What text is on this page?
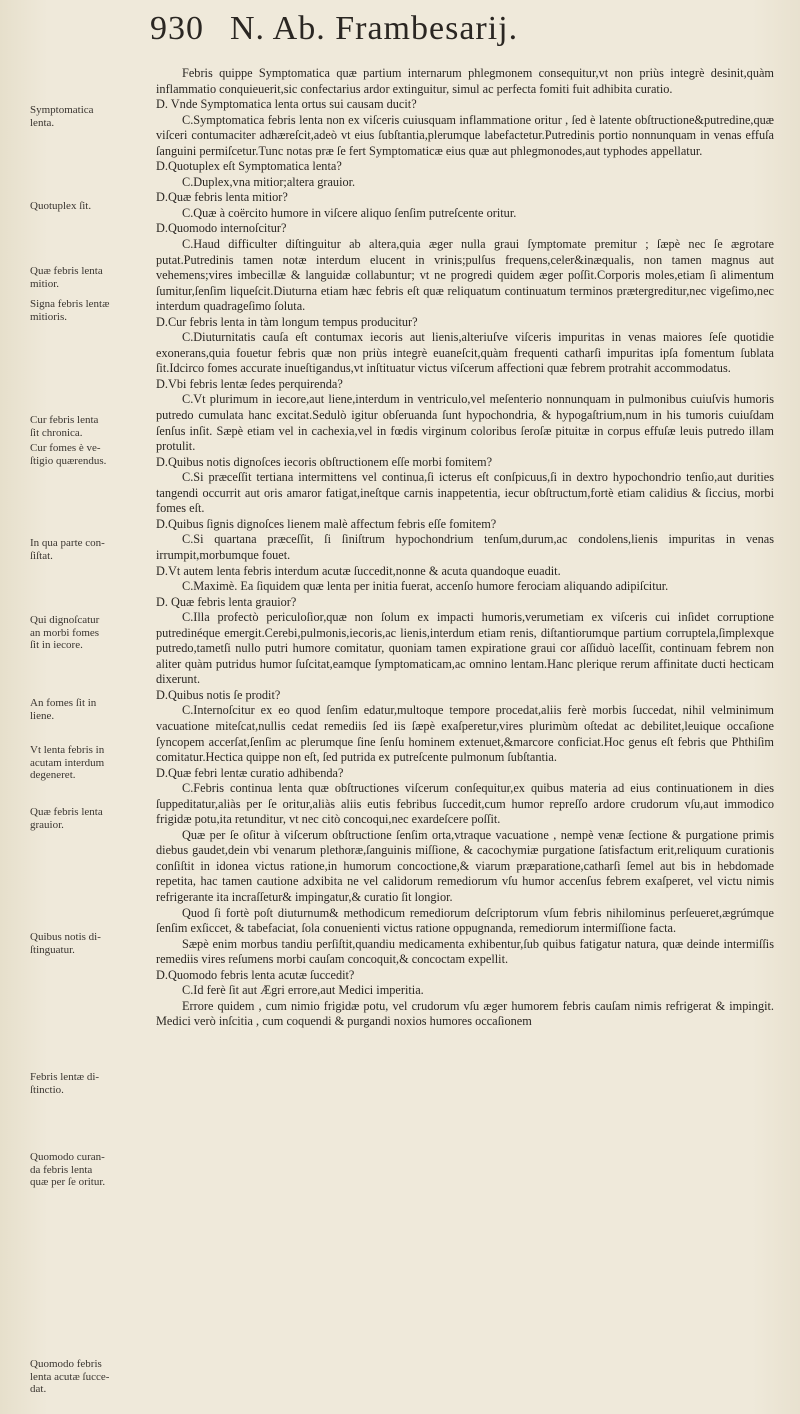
930 N. Ab. Frambesarij.
Symptomatica
lenta.
Quotuplex ſit.
Quæ febris lenta
mitior.
Signa febris lentæ
mitioris.
Cur febris lenta
ſit chronica.
Cur fomes è ve-
ſtigio quærendus.
In qua parte con-
ſiſtat.
Qui dignoſcatur
an morbi fomes
ſit in iecore.
An fomes ſit in
liene.
Vt lenta febris in
acutam interdum
degeneret.
Quæ febris lenta
grauior.
Quibus notis di-
ſtinguatur.
Febris lentæ di-
ſtinctio.
Quomodo curan-
da febris lenta
quæ per ſe oritur.
Quomodo febris
lenta acutæ ſucce-
dat.

Febris quippe Symptomatica quæ partium internarum phlegmonem consequitur,vt non priùs integrè desinit,quàm inflammatio conquieuerit,sic confectarius ardor extinguitur, simul ac perfecta fomiti fuit adhibita curatio.

D. Vnde Symptomatica lenta ortus sui causam ducit?

C.Symptomatica febris lenta non ex viſceris cuiusquam inflammatione oritur , ſed è latente obſtructione&putredine,quæ viſceri contumaciter adhæreſcit,adeò vt eius ſubſtantia,plerumque labefactetur.Putredinis portio nonnunquam in venas effuſa ſanguini permiſcetur.Tunc notas præ ſe fert Symptomaticæ eius quæ aut phlegmonodes,aut typhodes appellatur.

D.Quotuplex eſt Symptomatica lenta?

C.Duplex,vna mitior;altera grauior.

D.Quæ febris lenta mitior?

C.Quæ à coërcito humore in viſcere aliquo ſenſim putreſcente oritur.

D.Quomodo internoſcitur?

C.Haud difficulter diſtinguitur ab altera,quia æger nulla graui ſymptomate premitur ; ſæpè nec ſe ægrotare putat.Putredinis tamen notæ interdum elucent in vrinis;pulſus frequens,celer&inæqualis, non tamen magnus aut vehemens;vires imbecillæ & languidæ collabuntur; vt ne progredi quidem æger poſſit.Corporis moles,etiam ſi alimentum ſumitur,ſenſim liqueſcit.Diuturna etiam hæc febris eſt quæ reliquatum continuatum terminos prætergreditur,nec vigeſimo,nec interdum quadrageſimo ſoluta.

D.Cur febris lenta in tàm longum tempus producitur?

C.Diuturnitatis cauſa eſt contumax iecoris aut lienis,alteriuſve viſceris impuritas in venas maiores ſeſe quotidie exonerans,quia fouetur febris quæ non priùs integrè euaneſcit,quàm frequenti catharſi impuritas ipſa fomentum ſublata ſit.Idcirco fomes accurate inueſtigandus,vt inſtituatur victus viſcerum affectioni quæ febrem protrahit accommodatus.

D.Vbi febris lentæ ſedes perquirenda?

C.Vt plurimum in iecore,aut liene,interdum in ventriculo,vel meſenterio nonnunquam in pulmonibus cuiuſvis humoris putredo cumulata hanc excitat.Sedulò igitur obſeruanda ſunt hypochondria, & hypogaſtrium,num in his tumoris cuiuſdam ſenſus inſit. Sæpè etiam vel in cachexia,vel in fœdis virginum coloribus ſeroſæ pituitæ in corpus effuſæ leuis putredo illam protulit.

D.Quibus notis dignoſces iecoris obſtructionem eſſe morbi fomitem?

C.Si præceſſit tertiana intermittens vel continua,ſi icterus eſt conſpicuus,ſi in dextro hypochondrio tenſio,aut durities tangendi occurrit aut oris amaror fatigat,ineſtque carnis inappetentia, iecur obſtructum,fortè etiam calidius & ſiccius, morbi fomes eſt.

D.Quibus ſignis dignoſces lienem malè affectum febris eſſe fomitem?

C.Si quartana præceſſit, ſi ſiniſtrum hypochondrium tenſum,durum,ac condolens,lienis impuritas in venas irrumpit,morbumque fouet.

D.Vt autem lenta febris interdum acutæ ſuccedit,nonne & acuta quandoque euadit.

C.Maximè. Ea ſiquidem quæ lenta per initia fuerat, accenſo humore ferociam aliquando adipiſcitur.

D. Quæ febris lenta grauior?

C.Illa profectò periculoſior,quæ non ſolum ex impacti humoris,verumetiam ex viſceris cui inſidet corruptione putredinéque emergit.Cerebi,pulmonis,iecoris,ac lienis,interdum etiam renis, diſtantiorumque partium corruptela,ſimplexque putredo,tametſi nullo putri humore comitatur, quoniam tamen expiratione graui cor aſſiduò laceſſit, continuam febrem non aliter quàm putridus humor ſuſcitat,eamque ſymptomaticam,ac omnino lentam.Hanc plerique rerum affinitate ducti hecticam dixerunt.

D.Quibus notis ſe prodit?

C.Internoſcitur ex eo quod ſenſim edatur,multoque tempore procedat,aliis ferè morbis ſuccedat, nihil velminimum vacuatione miteſcat,nullis cedat remediis ſed iis ſæpè exaſperetur,vires plurimùm oſtedat ac debilitet,leuique occaſione ſyncopem accerſat,ſenſim ac plerumque ſine ſenſu hominem extenuet,&marcore conficiat.Hoc genus eſt febris que Phthiſim comitatur.Hectica quippe non eſt, ſed putrida ex putreſcente pulmonum ſubſtantia.

D.Quæ febri lentæ curatio adhibenda?

C.Febris continua lenta quæ obſtructiones viſcerum conſequitur,ex quibus materia ad eius continuationem in dies ſuppeditatur,aliàs per ſe oritur,aliàs aliis eutis febribus ſuccedit,cum humor repreſſo ardore crudorum vſu,aut immodico frigidæ potu,ita retunditur, vt nec citò concoqui,nec exardeſcere poſſit.

Quæ per ſe oſitur à viſcerum obſtructione ſenſim orta,vtraque vacuatione , nempè venæ ſectione & purgatione primis diebus gaudet,dein vbi venarum plethoræ,ſanguinis miſſione, & cacochymiæ purgatione ſatisfactum erit,reliquum curationis conſiſtit in idonea victus ratione,in humorum concoctione,& viarum præparatione,catharſi ſemel aut bis in hebdomade repetita, hac tamen cautione adxibita ne vel calidorum remediorum vſu humor accenſus febrem exaſperet, vel victu nimis refrigerante ita incraſſetur& impingatur,& curatio ſit longior.

Quod ſi fortè poſt diuturnum& methodicum remediorum deſcriptorum vſum febris nihilominus perſeueret,ægrúmque ſenſim exſiccet, & tabefaciat, ſola conuenienti victus ratione oppugnanda, remediorum intermiſſione facta.

Sæpè enim morbus tandiu perſiſtit,quandiu medicamenta exhibentur,ſub quibus fatigatur natura, quæ deinde intermiſſis remediis vires reſumens morbi cauſam concoquit,& concoctam expellit.

D.Quomodo febris lenta acutæ ſuccedit?

C.Id ferè ſit aut Ægri errore,aut Medici imperitia.

Errore quidem , cum nimio frigidæ potu, vel crudorum vſu æger humorem febris cauſam nimis refrigerat & impingit. Medici verò inſcitia , cum coquendi & purgandi noxios humores occaſionem
